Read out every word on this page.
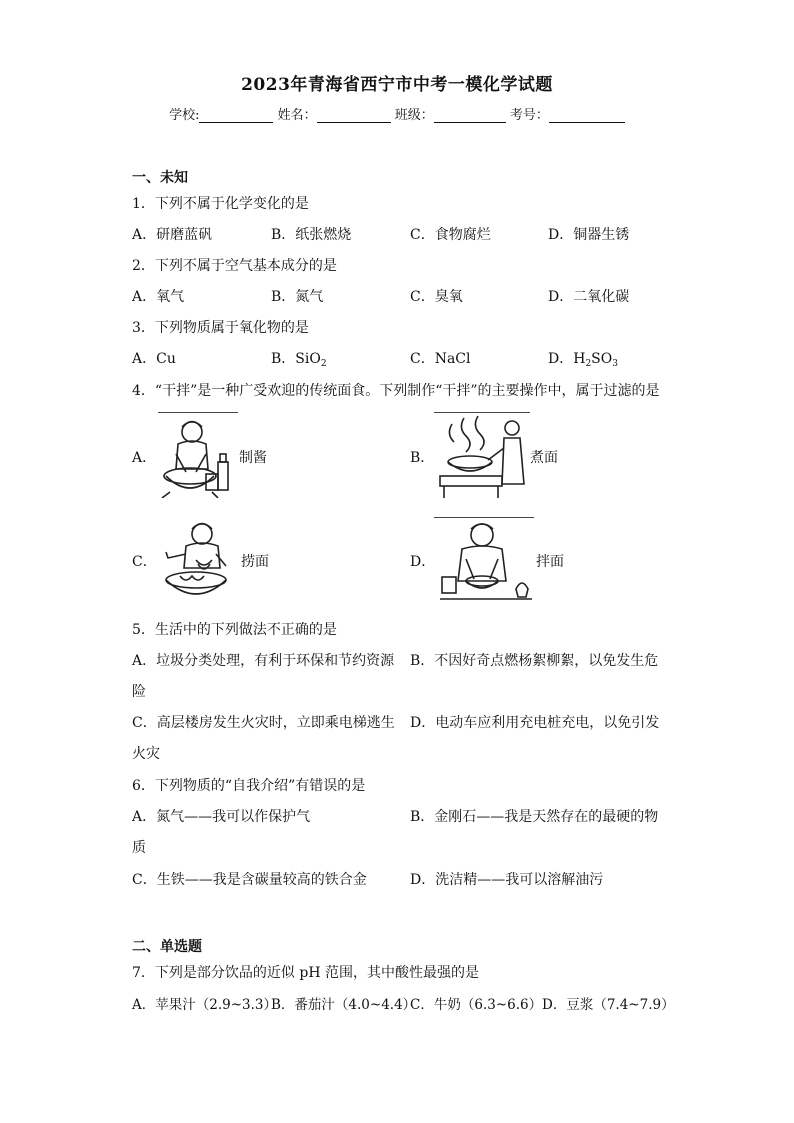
2023年青海省西宁市中考一模化学试题
学校:	姓名：	班级：	考号：
一、未知
1．下列不属于化学变化的是
A．研磨蓝矾	B．纸张燃烧	C．食物腐烂	D．铜器生锈
2．下列不属于空气基本成分的是
A．氧气	B．氮气	C．臭氧	D．二氧化碳
3．下列物质属于氧化物的是
A．Cu	B．SiO$_2$	C．NaCl	D．$H_2SO_3$
4．“干拌”是一种广受欢迎的传统面食。下列制作“干拌”的主要操作中，属于过滤的是
A．	制酱	B．	煮面
C．	捞面	D．	拌面
5．生活中的下列做法不正确的是
A．垃圾分类处理，有利于环保和节约资源 B．不因好奇点燃杨絮柳絮，以免发生危
险
C．高层楼房发生火灾时，立即乘电梯逃生 D．电动车应利用充电桩充电，以免引发
火灾
6．下列物质的“自我介绍”有错误的是
A．氮气——我可以作保护气	B．金刚石——我是天然存在的最硬的物
质
C．生铁——我是含碳量较高的铁合金	D．洗洁精——我可以溶解油污
二、单选题
7．下列是部分饮品的近似 pH 范围，其中酸性最强的是
A．苹果汁（2.9~3.3）
B．番茄汁（4.0~4.4）
C．牛奶（6.3~6.6） D．豆浆（7.4~7.9）
